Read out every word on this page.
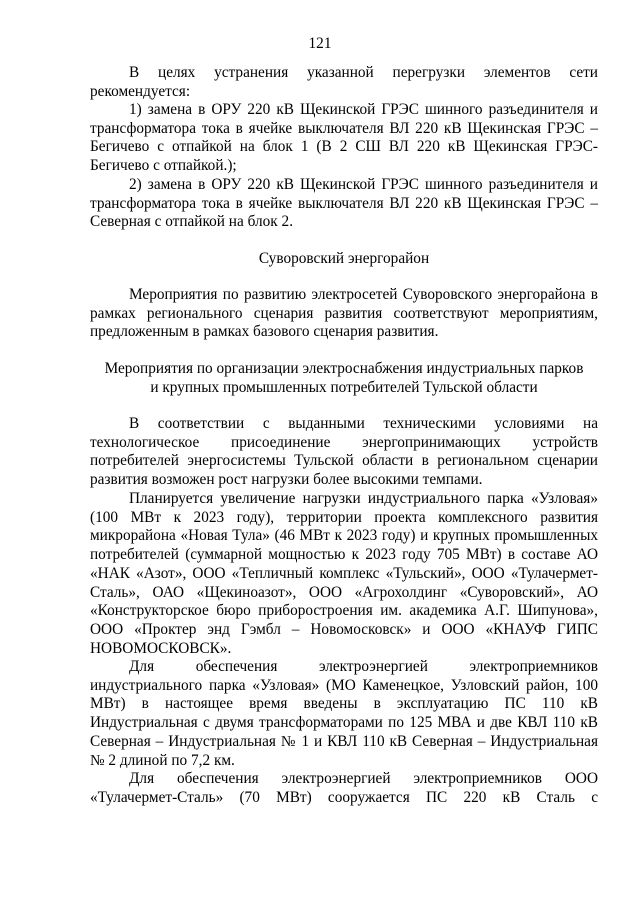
121
В целях устранения указанной перегрузки элементов сети
рекомендуется:

1) замена в ОРУ 220 кВ Щекинской ГРЭС шинного разъединителя и трансформатора тока в ячейке выключателя ВЛ 220 кВ Щекинская ГРЭС – Бегичево с отпайкой на блок 1 (В 2 СШ ВЛ 220 кВ Щекинская ГРЭС-Бегичево с отпайкой.);

2) замена в ОРУ 220 кВ Щекинской ГРЭС шинного разъединителя и трансформатора тока в ячейке выключателя ВЛ 220 кВ Щекинская ГРЭС – Северная с отпайкой на блок 2.

Суворовский энергорайон

Мероприятия по развитию электросетей Суворовского энергорайона в рамках регионального сценария развития соответствуют мероприятиям, предложенным в рамках базового сценария развития.

Мероприятия по организации электроснабжения индустриальных парков
и крупных промышленных потребителей Тульской области

В соответствии с выданными техническими условиями на технологическое присоединение энергопринимающих устройств потребителей энергосистемы Тульской области в региональном сценарии развития возможен рост нагрузки более высокими темпами.

Планируется увеличение нагрузки индустриального парка «Узловая» (100 МВт к 2023 году), территории проекта комплексного развития микрорайона «Новая Тула» (46 МВт к 2023 году) и крупных промышленных потребителей (суммарной мощностью к 2023 году 705 МВт) в составе АО «НАК «Азот», ООО «Тепличный комплекс «Тульский», ООО «Тулачермет-Сталь», ОАО «Щекиноазот», ООО «Агрохолдинг «Суворовский», АО «Конструкторское бюро приборостроения им. академика А.Г. Шипунова», ООО «Проктер энд Гэмбл – Новомосковск» и ООО «КНАУФ ГИПС НОВОМОСКОВСК».

Для обеспечения электроэнергией электроприемников индустриального парка «Узловая» (МО Каменецкое, Узловский район, 100 МВт) в настоящее время введены в эксплуатацию ПС 110 кВ Индустриальная с двумя трансформаторами по 125 МВА и две КВЛ 110 кВ Северная – Индустриальная № 1 и КВЛ 110 кВ Северная – Индустриальная № 2 длиной по 7,2 км.

Для обеспечения электроэнергией электроприемников ООО «Тулачермет-Сталь» (70 МВт) сооружается ПС 220 кВ Сталь с
